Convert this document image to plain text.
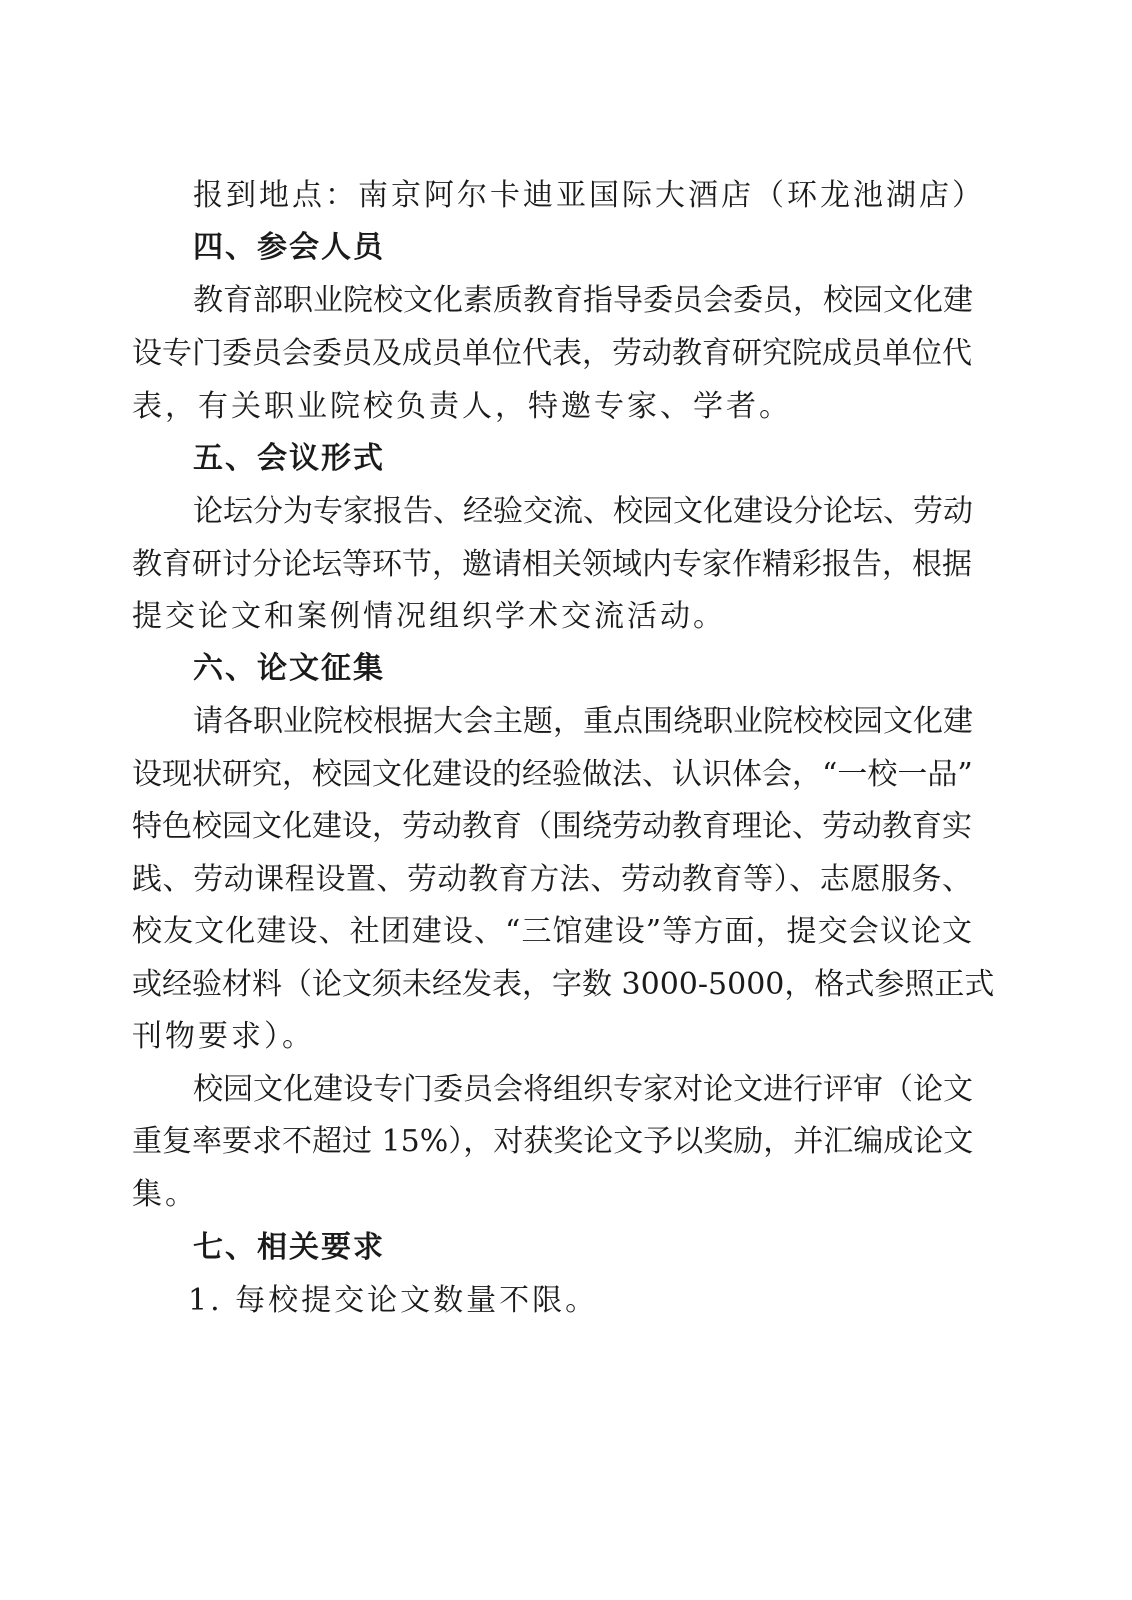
报到地点：南京阿尔卡迪亚国际大酒店（环龙池湖店）
四、参会人员
教育部职业院校文化素质教育指导委员会委员，校园文化建
设专门委员会委员及成员单位代表，劳动教育研究院成员单位代
表，有关职业院校负责人，特邀专家、学者。
五、会议形式
论坛分为专家报告、经验交流、校园文化建设分论坛、劳动
教育研讨分论坛等环节，邀请相关领域内专家作精彩报告，根据
提交论文和案例情况组织学术交流活动。
六、论文征集
请各职业院校根据大会主题，重点围绕职业院校校园文化建
设现状研究，校园文化建设的经验做法、认识体会，“一校一品”
特色校园文化建设，劳动教育（围绕劳动教育理论、劳动教育实
践、劳动课程设置、劳动教育方法、劳动教育等）、志愿服务、
校友文化建设、社团建设、“三馆建设”等方面，提交会议论文
或经验材料（论文须未经发表，字数 3000-5000，格式参照正式
刊物要求）。
校园文化建设专门委员会将组织专家对论文进行评审（论文
重复率要求不超过 15%），对获奖论文予以奖励，并汇编成论文
集。
七、相关要求
1. 每校提交论文数量不限。
